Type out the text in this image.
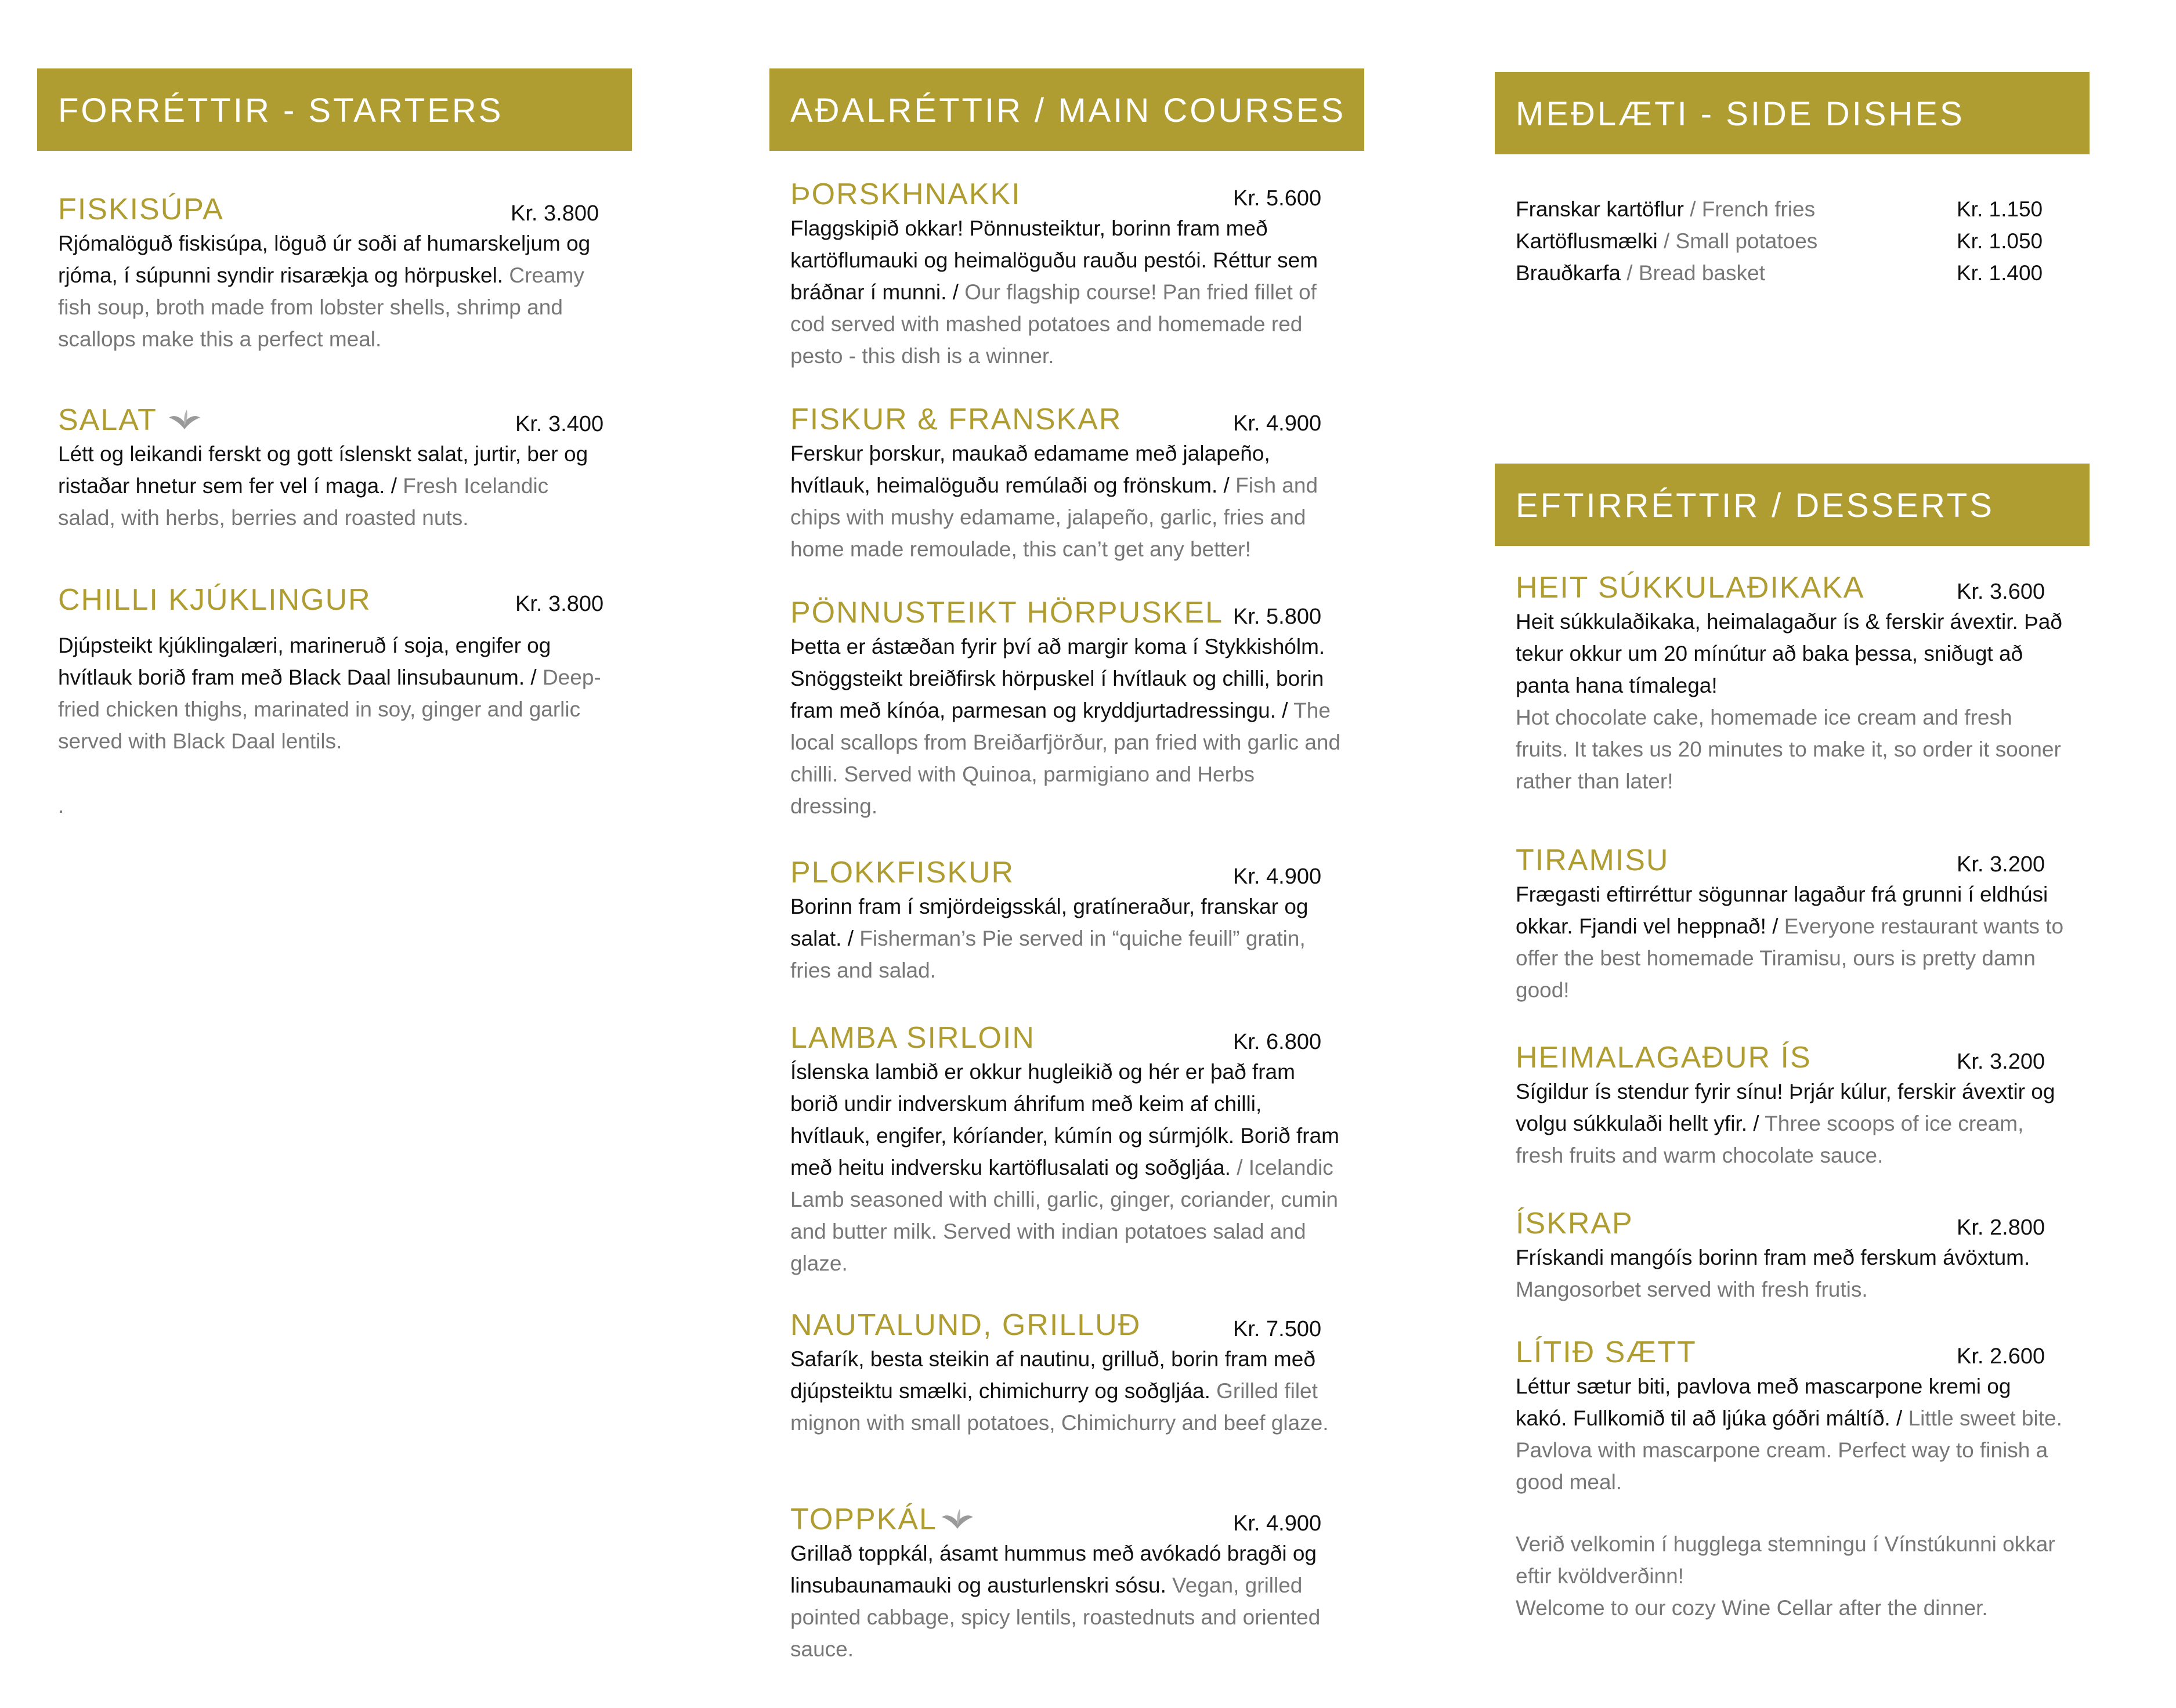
FORRÉTTIR - STARTERS
FISKISÚPA	Kr. 3.800
Rjómalöguð fiskisúpa, löguð úr soði af humarskeljum og rjóma, í súpunni syndir risarækja og hörpuskel. Creamy fish soup, broth made from lobster shells, shrimp and scallops make this a perfect meal.
SALAT	Kr. 3.400
Létt og leikandi ferskt og gott íslenskt salat, jurtir, ber og ristaðar hnetur sem fer vel í maga. / Fresh Icelandic salad, with herbs, berries and roasted nuts.
CHILLI KJÚKLINGUR	Kr. 3.800
Djúpsteikt kjúklingalæri, marineruð í soja, engifer og hvítlauk borið fram með Black Daal linsubaunum. / Deep-fried chicken thighs, marinated in soy, ginger and garlic served with Black Daal lentils.
.
AÐALRÉTTIR / MAIN COURSES
ÞORSKHNAKKI	Kr. 5.600
Flaggskipið okkar! Pönnusteiktur, borinn fram með kartöflumauki og heimalöguðu rauðu pestói. Réttur sem bráðnar í munni. / Our flagship course! Pan fried fillet of cod served with mashed potatoes and homemade red pesto - this dish is a winner.
FISKUR & FRANSKAR	Kr. 4.900
Ferskur þorskur, maukað edamame með jalapeño, hvítlauk, heimalöguðu remúlaði og frönskum. / Fish and chips with mushy edamame, jalapeño, garlic, fries and home made remoulade, this can’t get any better!
PÖNNUSTEIKT HÖRPUSKEL Kr. 5.800
Þetta er ástæðan fyrir því að margir koma í Stykkishólm. Snöggsteikt breiðfirsk hörpuskel í hvítlauk og chilli, borin fram með kínóa, parmesan og kryddjurtadressingu. / The local scallops from Breiðarfjörður, pan fried with garlic and chilli. Served with Quinoa, parmigiano and Herbs dressing.
PLOKKFISKUR	Kr. 4.900
Borinn fram í smjördeigsskál, gratíneraður, franskar og salat. / Fisherman’s Pie served in “quiche feuill” gratin, fries and salad.
LAMBA SIRLOIN	Kr. 6.800
Íslenska lambið er okkur hugleikið og hér er það fram borið undir indverskum áhrifum með keim af chilli, hvítlauk, engifer, kóríander, kúmín og súrmjólk. Borið fram með heitu indversku kartöflusalati og soðgljáa. / Icelandic Lamb seasoned with chilli, garlic, ginger, coriander, cumin and butter milk. Served with indian potatoes salad and glaze.
NAUTALUND, GRILLUÐ	Kr. 7.500
Safarík, besta steikin af nautinu, grilluð, borin fram með djúpsteiktu smælki, chimichurry og soðgljáa. Grilled filet mignon with small potatoes, Chimichurry and beef glaze.
TOPPKÁL	Kr. 4.900
Grillað toppkál, ásamt hummus með avókadó bragði og linsubaunamauki og austurlenskri sósu. Vegan, grilled pointed cabbage, spicy lentils, roastednuts and oriented sauce.
MEÐLÆTI - SIDE DISHES
Franskar kartöflur / French fries	Kr. 1.150
Kartöflusmælki / Small potatoes	Kr. 1.050
Brauðkarfa / Bread basket	Kr. 1.400
EFTIRRÉTTIR / DESSERTS
HEIT SÚKKULAÐIKAKA	Kr. 3.600
Heit súkkulaðikaka, heimalagaður ís & ferskir ávextir. Það tekur okkur um 20 mínútur að baka þessa, sniðugt að panta hana tímalega!
Hot chocolate cake, homemade ice cream and fresh fruits. It takes us 20 minutes to make it, so order it sooner rather than later!
TIRAMISU	Kr. 3.200
Frægasti eftirréttur sögunnar lagaður frá grunni í eldhúsi okkar. Fjandi vel heppnað! / Everyone restaurant wants to offer the best homemade Tiramisu, ours is pretty damn good!
HEIMALAGAÐUR ÍS	Kr. 3.200
Sígildur ís stendur fyrir sínu! Þrjár kúlur, ferskir ávextir og volgu súkkulaði hellt yfir. / Three scoops of ice cream, fresh fruits and warm chocolate sauce.
ÍSKRAP	Kr. 2.800
Frískandi mangóís borinn fram með ferskum ávöxtum.
Mangosorbet served with fresh frutis.
LÍTIÐ SÆTT	Kr. 2.600
Léttur sætur biti, pavlova með mascarpone kremi og kakó. Fullkomið til að ljúka góðri máltíð. / Little sweet bite. Pavlova with mascarpone cream. Perfect way to finish a good meal.
Verið velkomin í hugglega stemningu í Vínstúkunni okkar eftir kvöldverðinn!
Welcome to our cozy Wine Cellar after the dinner.
